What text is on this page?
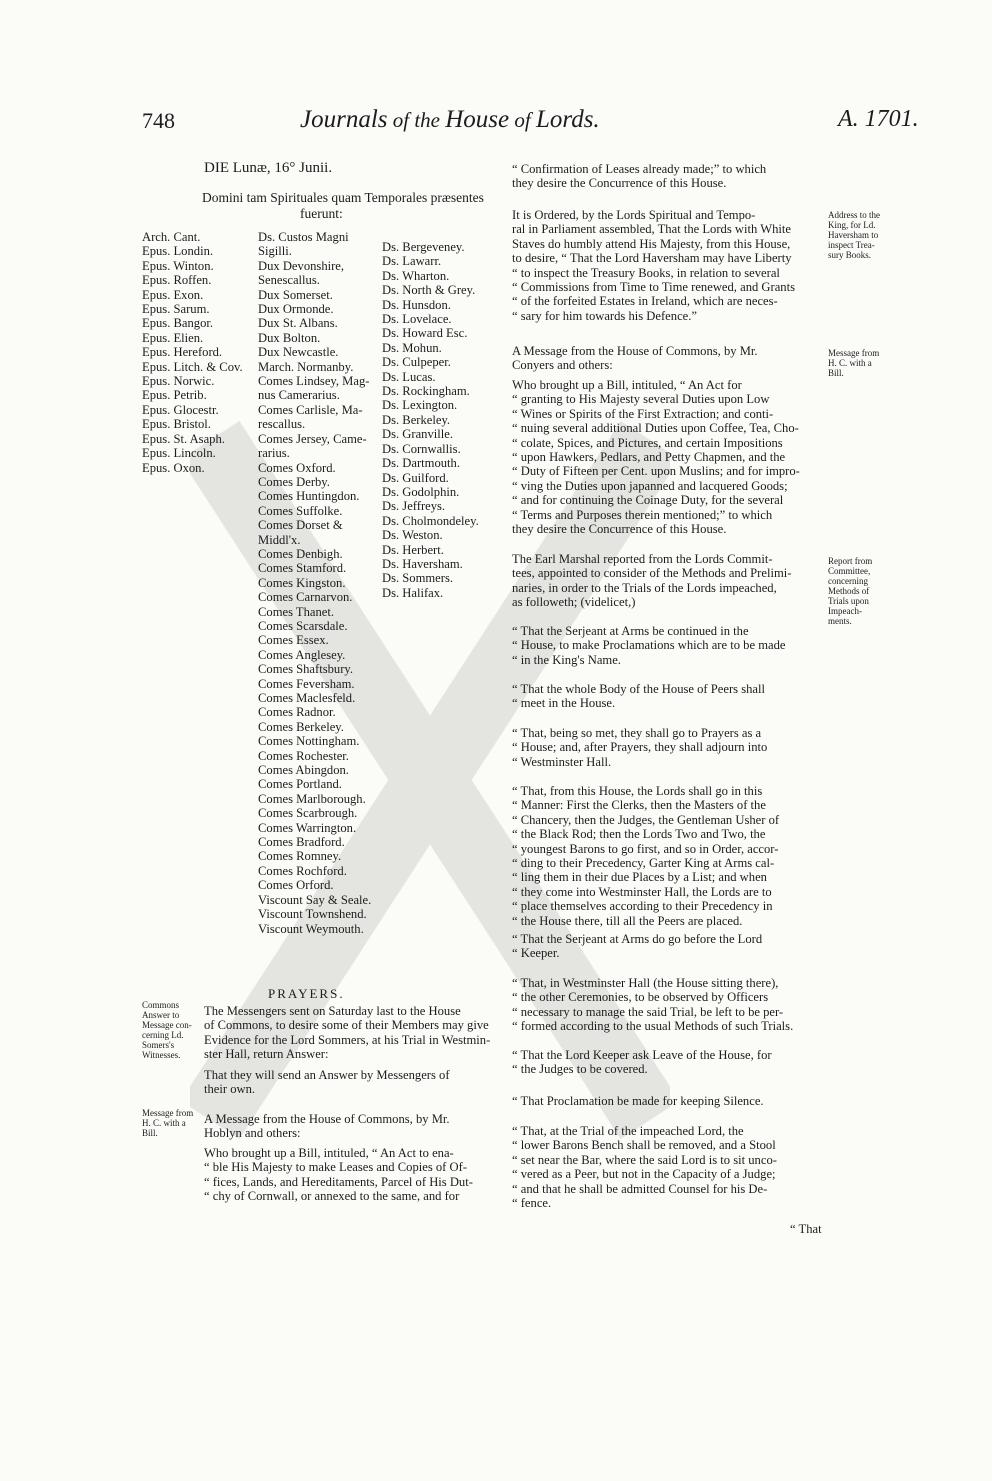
748	Journals of the House of Lords.	A. 1701.
DIE Lunæ, 16° Junii.
Domini tam Spirituales quam Temporales præsentes
fuerunt:
Arch. Cant.
Epus. Londin.
Epus. Winton.
Epus. Roffen.
Epus. Exon.
Epus. Sarum.
Epus. Bangor.
Epus. Elien.
Epus. Hereford.
Epus. Litch. & Cov.
Epus. Norwic.
Epus. Petrib.
Epus. Glocestr.
Epus. Bristol.
Epus. St. Asaph.
Epus. Lincoln.
Epus. Oxon.
Ds. Custos Magni
Sigilli.
Dux Devonshire,
Senescallus.
Dux Somerset.
Dux Ormonde.
Dux St. Albans.
Dux Bolton.
Dux Newcastle.
March. Normanby.
Comes Lindsey, Mag-
nus Camerarius.
Comes Carlisle, Ma-
rescallus.
Comes Jersey, Came-
rarius.
Comes Oxford.
Comes Derby.
Comes Huntingdon.
Comes Suffolke.
Comes Dorset &
Middl'x.
Comes Denbigh.
Comes Stamford.
Comes Kingston.
Comes Carnarvon.
Comes Thanet.
Comes Scarsdale.
Comes Essex.
Comes Anglesey.
Comes Shaftsbury.
Comes Feversham.
Comes Maclesfeld.
Comes Radnor.
Comes Berkeley.
Comes Nottingham.
Comes Rochester.
Comes Abingdon.
Comes Portland.
Comes Marlborough.
Comes Scarbrough.
Comes Warrington.
Comes Bradford.
Comes Romney.
Comes Rochford.
Comes Orford.
Viscount Say & Seale.
Viscount Townshend.
Viscount Weymouth.
Ds. Bergeveney.
Ds. Lawarr.
Ds. Wharton.
Ds. North & Grey.
Ds. Hunsdon.
Ds. Lovelace.
Ds. Howard Esc.
Ds. Mohun.
Ds. Culpeper.
Ds. Lucas.
Ds. Rockingham.
Ds. Lexington.
Ds. Berkeley.
Ds. Granville.
Ds. Cornwallis.
Ds. Dartmouth.
Ds. Guilford.
Ds. Godolphin.
Ds. Jeffreys.
Ds. Cholmondeley.
Ds. Weston.
Ds. Herbert.
Ds. Haversham.
Ds. Sommers.
Ds. Halifax.
PRAYERS.
Commons
Answer to
Message con-
cerning Ld.
Somers's
Witnesses.
Message from
H. C. with a
Bill.
The Messengers sent on Saturday last to the House
of Commons, to desire some of their Members may give
Evidence for the Lord Sommers, at his Trial in Westmin-
ster Hall, return Answer:
That they will send an Answer by Messengers of
their own.
A Message from the House of Commons, by Mr.
Hoblyn and others:
Who brought up a Bill, intituled, “ An Act to ena-
“ ble His Majesty to make Leases and Copies of Of-
“ fices, Lands, and Hereditaments, Parcel of His Dut-
“ chy of Cornwall, or annexed to the same, and for
“ Confirmation of Leases already made;” to which
they desire the Concurrence of this House.
It is Ordered, by the Lords Spiritual and Tempo-
ral in Parliament assembled, That the Lords with White
Staves do humbly attend His Majesty, from this House,
to desire, “ That the Lord Haversham may have Liberty
“ to inspect the Treasury Books, in relation to several
“ Commissions from Time to Time renewed, and Grants
“ of the forfeited Estates in Ireland, which are neces-
“ sary for him towards his Defence.”
A Message from the House of Commons, by Mr.
Conyers and others:
Who brought up a Bill, intituled, “ An Act for
“ granting to His Majesty several Duties upon Low
“ Wines or Spirits of the First Extraction; and conti-
“ nuing several additional Duties upon Coffee, Tea, Cho-
“ colate, Spices, and Pictures, and certain Impositions
“ upon Hawkers, Pedlars, and Petty Chapmen, and the
“ Duty of Fifteen per Cent. upon Muslins; and for impro-
“ ving the Duties upon japanned and lacquered Goods;
“ and for continuing the Coinage Duty, for the several
“ Terms and Purposes therein mentioned;” to which
they desire the Concurrence of this House.
The Earl Marshal reported from the Lords Commit-
tees, appointed to consider of the Methods and Prelimi-
naries, in order to the Trials of the Lords impeached,
as followeth; (videlicet,)
“ That the Serjeant at Arms be continued in the
“ House, to make Proclamations which are to be made
“ in the King's Name.
“ That the whole Body of the House of Peers shall
“ meet in the House.
“ That, being so met, they shall go to Prayers as a
“ House; and, after Prayers, they shall adjourn into
“ Westminster Hall.
“ That, from this House, the Lords shall go in this
“ Manner: First the Clerks, then the Masters of the
“ Chancery, then the Judges, the Gentleman Usher of
“ the Black Rod; then the Lords Two and Two, the
“ youngest Barons to go first, and so in Order, accor-
“ ding to their Precedency, Garter King at Arms cal-
“ ling them in their due Places by a List; and when
“ they come into Westminster Hall, the Lords are to
“ place themselves according to their Precedency in
“ the House there, till all the Peers are placed.
“ That the Serjeant at Arms do go before the Lord
“ Keeper.
“ That, in Westminster Hall (the House sitting there),
“ the other Ceremonies, to be observed by Officers
“ necessary to manage the said Trial, be left to be per-
“ formed according to the usual Methods of such Trials.
“ That the Lord Keeper ask Leave of the House, for
“ the Judges to be covered.
“ That Proclamation be made for keeping Silence.
“ That, at the Trial of the impeached Lord, the
“ lower Barons Bench shall be removed, and a Stool
“ set near the Bar, where the said Lord is to sit unco-
“ vered as a Peer, but not in the Capacity of a Judge;
“ and that he shall be admitted Counsel for his De-
“ fence.
“ That
Address to the
King, for Ld.
Haversham to
inspect Trea-
sury Books.
Message from
H. C. with a
Bill.
Report from
Committee,
concerning
Methods of
Trials upon
Impeach-
ments.
